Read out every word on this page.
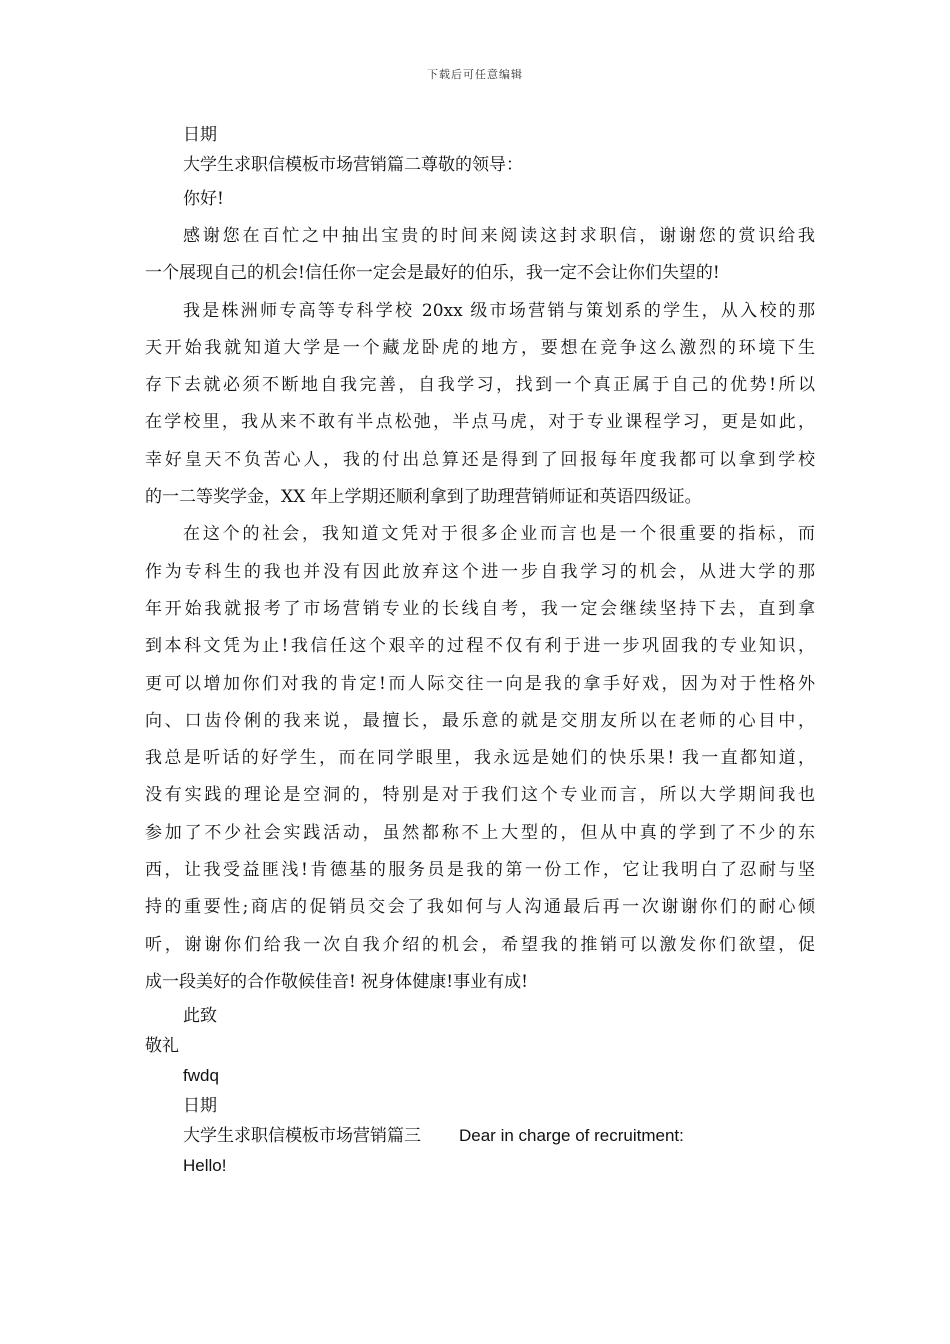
下载后可任意编辑
日期
大学生求职信模板市场营销篇二尊敬的领导：
你好!
感谢您在百忙之中抽出宝贵的时间来阅读这封求职信，谢谢您的赏识给我
一个展现自己的机会!信任你一定会是最好的伯乐，我一定不会让你们失望的!
我是株洲师专高等专科学校 20xx 级市场营销与策划系的学生，从入校的那
天开始我就知道大学是一个藏龙卧虎的地方，要想在竞争这么激烈的环境下生
存下去就必须不断地自我完善，自我学习，找到一个真正属于自己的优势!所以
在学校里，我从来不敢有半点松弛，半点马虎，对于专业课程学习，更是如此，
幸好皇天不负苦心人，我的付出总算还是得到了回报每年度我都可以拿到学校
的一二等奖学金，XX 年上学期还顺利拿到了助理营销师证和英语四级证。
在这个的社会，我知道文凭对于很多企业而言也是一个很重要的指标，而
作为专科生的我也并没有因此放弃这个进一步自我学习的机会，从进大学的那
年开始我就报考了市场营销专业的长线自考，我一定会继续坚持下去，直到拿
到本科文凭为止!我信任这个艰辛的过程不仅有利于进一步巩固我的专业知识，
更可以增加你们对我的肯定!而人际交往一向是我的拿手好戏，因为对于性格外
向、口齿伶俐的我来说，最擅长，最乐意的就是交朋友所以在老师的心目中，
我总是听话的好学生，而在同学眼里，我永远是她们的快乐果! 我一直都知道，
没有实践的理论是空洞的，特别是对于我们这个专业而言，所以大学期间我也
参加了不少社会实践活动，虽然都称不上大型的，但从中真的学到了不少的东
西，让我受益匪浅!肯德基的服务员是我的第一份工作，它让我明白了忍耐与坚
持的重要性;商店的促销员交会了我如何与人沟通最后再一次谢谢你们的耐心倾
听，谢谢你们给我一次自我介绍的机会，希望我的推销可以激发你们欲望，促
成一段美好的合作敬候佳音! 祝身体健康!事业有成!
此致
敬礼
fwdq
日期
大学生求职信模板市场营销篇三 Dear in charge of recruitment:
Hello!
